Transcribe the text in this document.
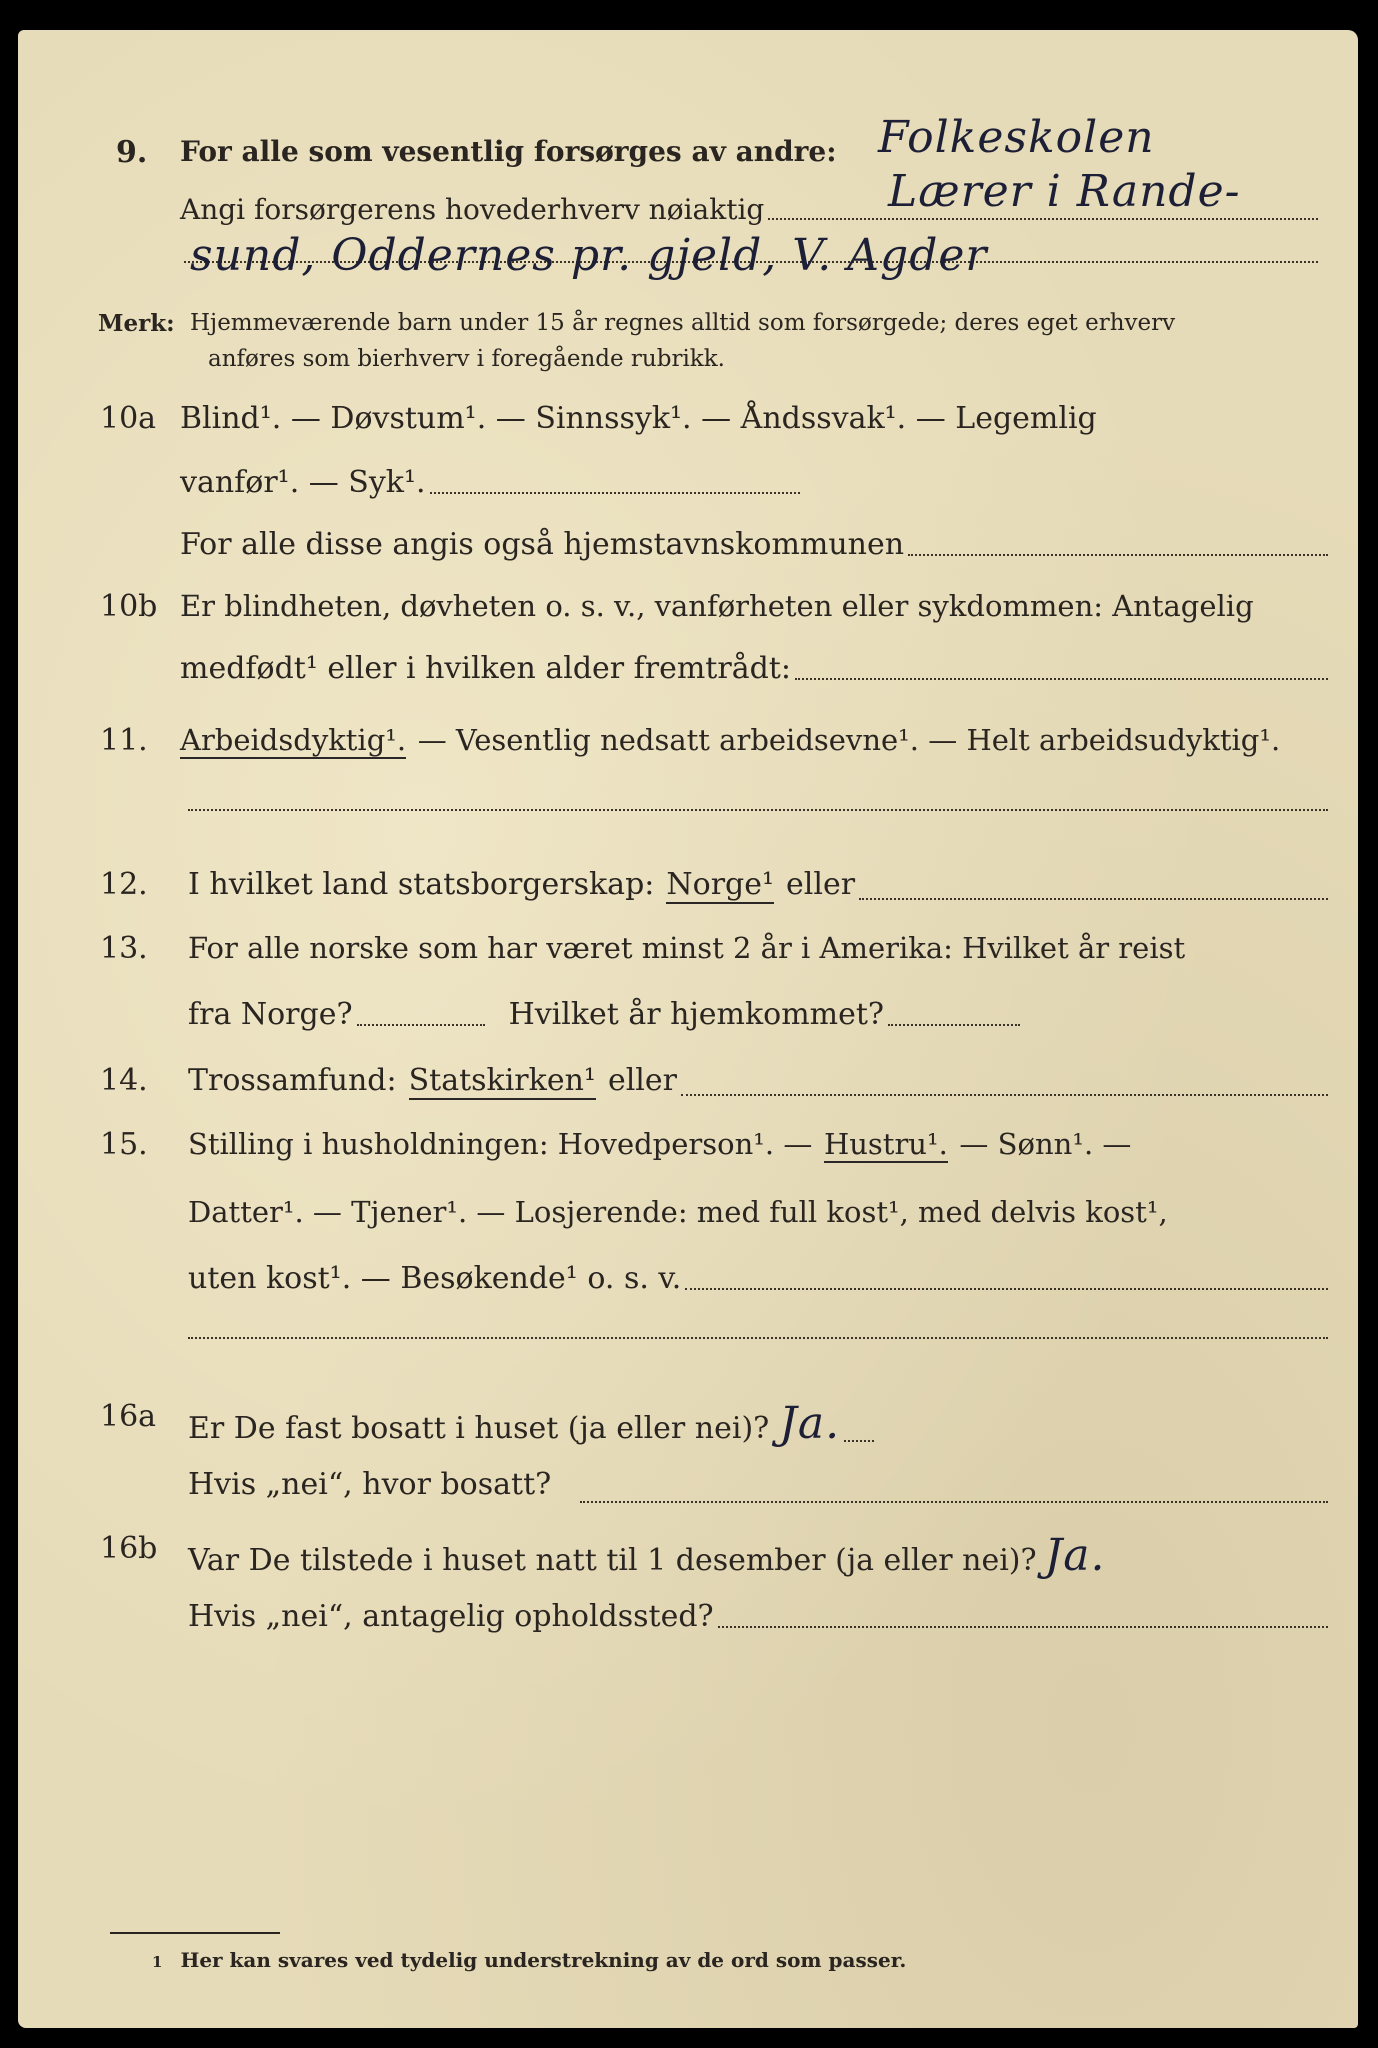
9. For alle som vesentlig forsørges av andre: Folkeskolen
Angi forsørgerens hovederhverv nøiaktig	Lærer i Rande-
sund, Oddernes pr. gjeld, V. Agder
Merk: Hjemmeværende barn under 15 år regnes alltid som forsørgede; deres eget erhverv
anføres som bierhverv i foregående rubrikk.
10a Blind¹. — Døvstum¹. — Sinnssyk¹. — Åndssvak¹. — Legemlig
vanfør¹. — Syk¹.
For alle disse angis også hjemstavnskommunen
10b Er blindheten, døvheten o. s. v., vanførheten eller sykdommen: Antagelig
medfødt¹ eller i hvilken alder fremtrådt:
11. Arbeidsdyktig¹. — Vesentlig nedsatt arbeidsevne¹. — Helt arbeidsudyktig¹.
12. I hvilket land statsborgerskap: Norge¹ eller
13. For alle norske som har været minst 2 år i Amerika: Hvilket år reist
fra Norge?	Hvilket år hjemkommet?
14. Trossamfund: Statskirken¹ eller
15. Stilling i husholdningen: Hovedperson¹. — Hustru¹. — Sønn¹. —
Datter¹. — Tjener¹. — Losjerende: med full kost¹, med delvis kost¹,
uten kost¹. — Besøkende¹ o. s. v.
16a Er De fast bosatt i huset (ja eller nei)? Ja.
Hvis „nei“, hvor bosatt?
16b Var De tilstede i huset natt til 1 desember (ja eller nei)? Ja.
Hvis „nei“, antagelig opholdssted?
1 Her kan svares ved tydelig understrekning av de ord som passer.
